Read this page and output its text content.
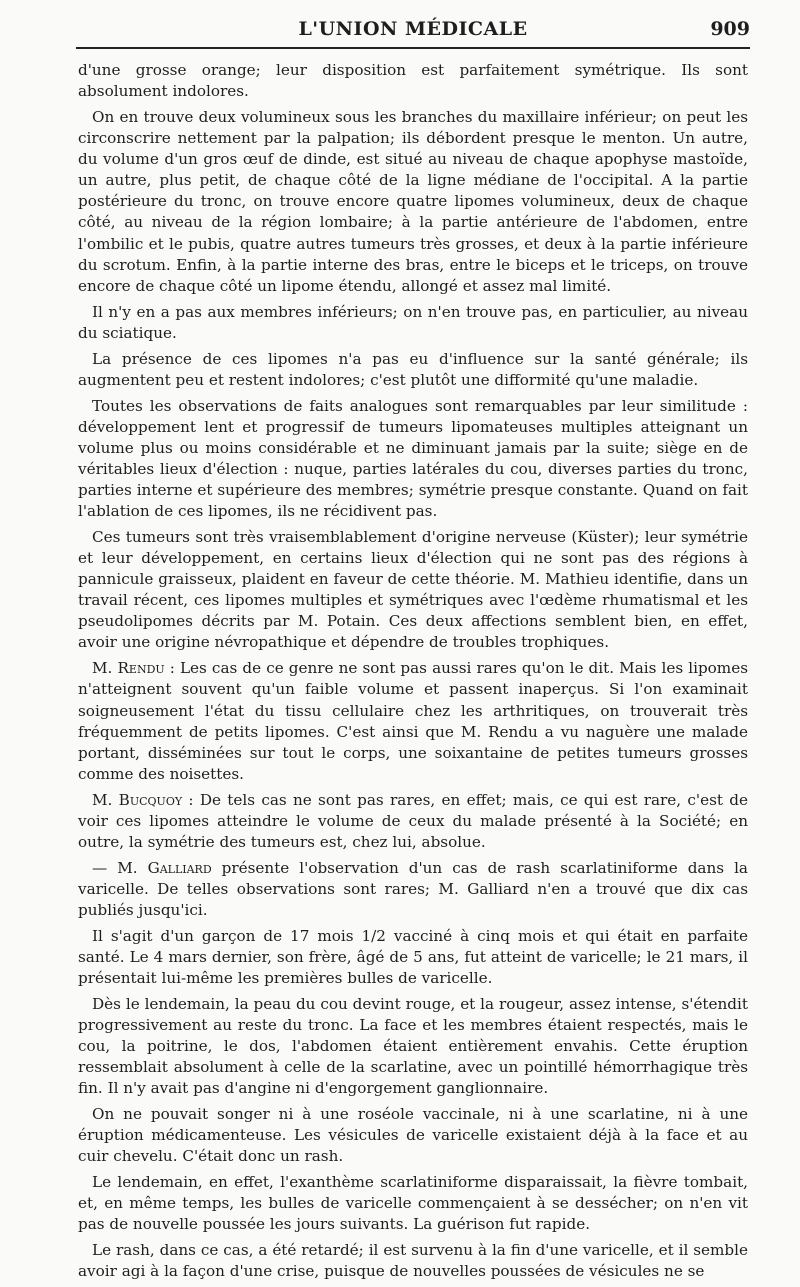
L'UNION MÉDICALE	909

d'une grosse orange; leur disposition est parfaitement symétrique. Ils sont absolument indolores.

On en trouve deux volumineux sous les branches du maxillaire inférieur; on peut les circonscrire nettement par la palpation; ils débordent presque le menton. Un autre, du volume d'un gros œuf de dinde, est situé au niveau de chaque apophyse mastoïde, un autre, plus petit, de chaque côté de la ligne médiane de l'occipital. A la partie postérieure du tronc, on trouve encore quatre lipomes volumineux, deux de chaque côté, au niveau de la région lombaire; à la partie antérieure de l'abdomen, entre l'ombilic et le pubis, quatre autres tumeurs très grosses, et deux à la partie inférieure du scrotum. Enfin, à la partie interne des bras, entre le biceps et le triceps, on trouve encore de chaque côté un lipome étendu, allongé et assez mal limité.

Il n'y en a pas aux membres inférieurs; on n'en trouve pas, en particulier, au niveau du sciatique.

La présence de ces lipomes n'a pas eu d'influence sur la santé générale; ils augmentent peu et restent indolores; c'est plutôt une difformité qu'une maladie.

Toutes les observations de faits analogues sont remarquables par leur similitude : développement lent et progressif de tumeurs lipomateuses multiples atteignant un volume plus ou moins considérable et ne diminuant jamais par la suite; siège en de véritables lieux d'élection : nuque, parties latérales du cou, diverses parties du tronc, parties interne et supérieure des membres; symétrie presque constante. Quand on fait l'ablation de ces lipomes, ils ne récidivent pas.

Ces tumeurs sont très vraisemblablement d'origine nerveuse (Küster); leur symétrie et leur développement, en certains lieux d'élection qui ne sont pas des régions à pannicule graisseux, plaident en faveur de cette théorie. M. Mathieu identifie, dans un travail récent, ces lipomes multiples et symétriques avec l'œdème rhumatismal et les pseudolipomes décrits par M. Potain. Ces deux affections semblent bien, en effet, avoir une origine névropathique et dépendre de troubles trophiques.

M. Rendu : Les cas de ce genre ne sont pas aussi rares qu'on le dit. Mais les lipomes n'atteignent souvent qu'un faible volume et passent inaperçus. Si l'on examinait soigneusement l'état du tissu cellulaire chez les arthritiques, on trouverait très fréquemment de petits lipomes. C'est ainsi que M. Rendu a vu naguère une malade portant, disséminées sur tout le corps, une soixantaine de petites tumeurs grosses comme des noisettes.

M. Bucquoy : De tels cas ne sont pas rares, en effet; mais, ce qui est rare, c'est de voir ces lipomes atteindre le volume de ceux du malade présenté à la Société; en outre, la symétrie des tumeurs est, chez lui, absolue.

— M. Galliard présente l'observation d'un cas de rash scarlatiniforme dans la varicelle. De telles observations sont rares; M. Galliard n'en a trouvé que dix cas publiés jusqu'ici.

Il s'agit d'un garçon de 17 mois 1/2 vacciné à cinq mois et qui était en parfaite santé. Le 4 mars dernier, son frère, âgé de 5 ans, fut atteint de varicelle; le 21 mars, il présentait lui-même les premières bulles de varicelle.

Dès le lendemain, la peau du cou devint rouge, et la rougeur, assez intense, s'étendit progressivement au reste du tronc. La face et les membres étaient respectés, mais le cou, la poitrine, le dos, l'abdomen étaient entièrement envahis. Cette éruption ressemblait absolument à celle de la scarlatine, avec un pointillé hémorrhagique très fin. Il n'y avait pas d'angine ni d'engorgement ganglionnaire.

On ne pouvait songer ni à une roséole vaccinale, ni à une scarlatine, ni à une éruption médicamenteuse. Les vésicules de varicelle existaient déjà à la face et au cuir chevelu. C'était donc un rash.

Le lendemain, en effet, l'exanthème scarlatiniforme disparaissait, la fièvre tombait, et, en même temps, les bulles de varicelle commençaient à se dessécher; on n'en vit pas de nouvelle poussée les jours suivants. La guérison fut rapide.

Le rash, dans ce cas, a été retardé; il est survenu à la fin d'une varicelle, et il semble avoir agi à la façon d'une crise, puisque de nouvelles poussées de vésicules ne se
